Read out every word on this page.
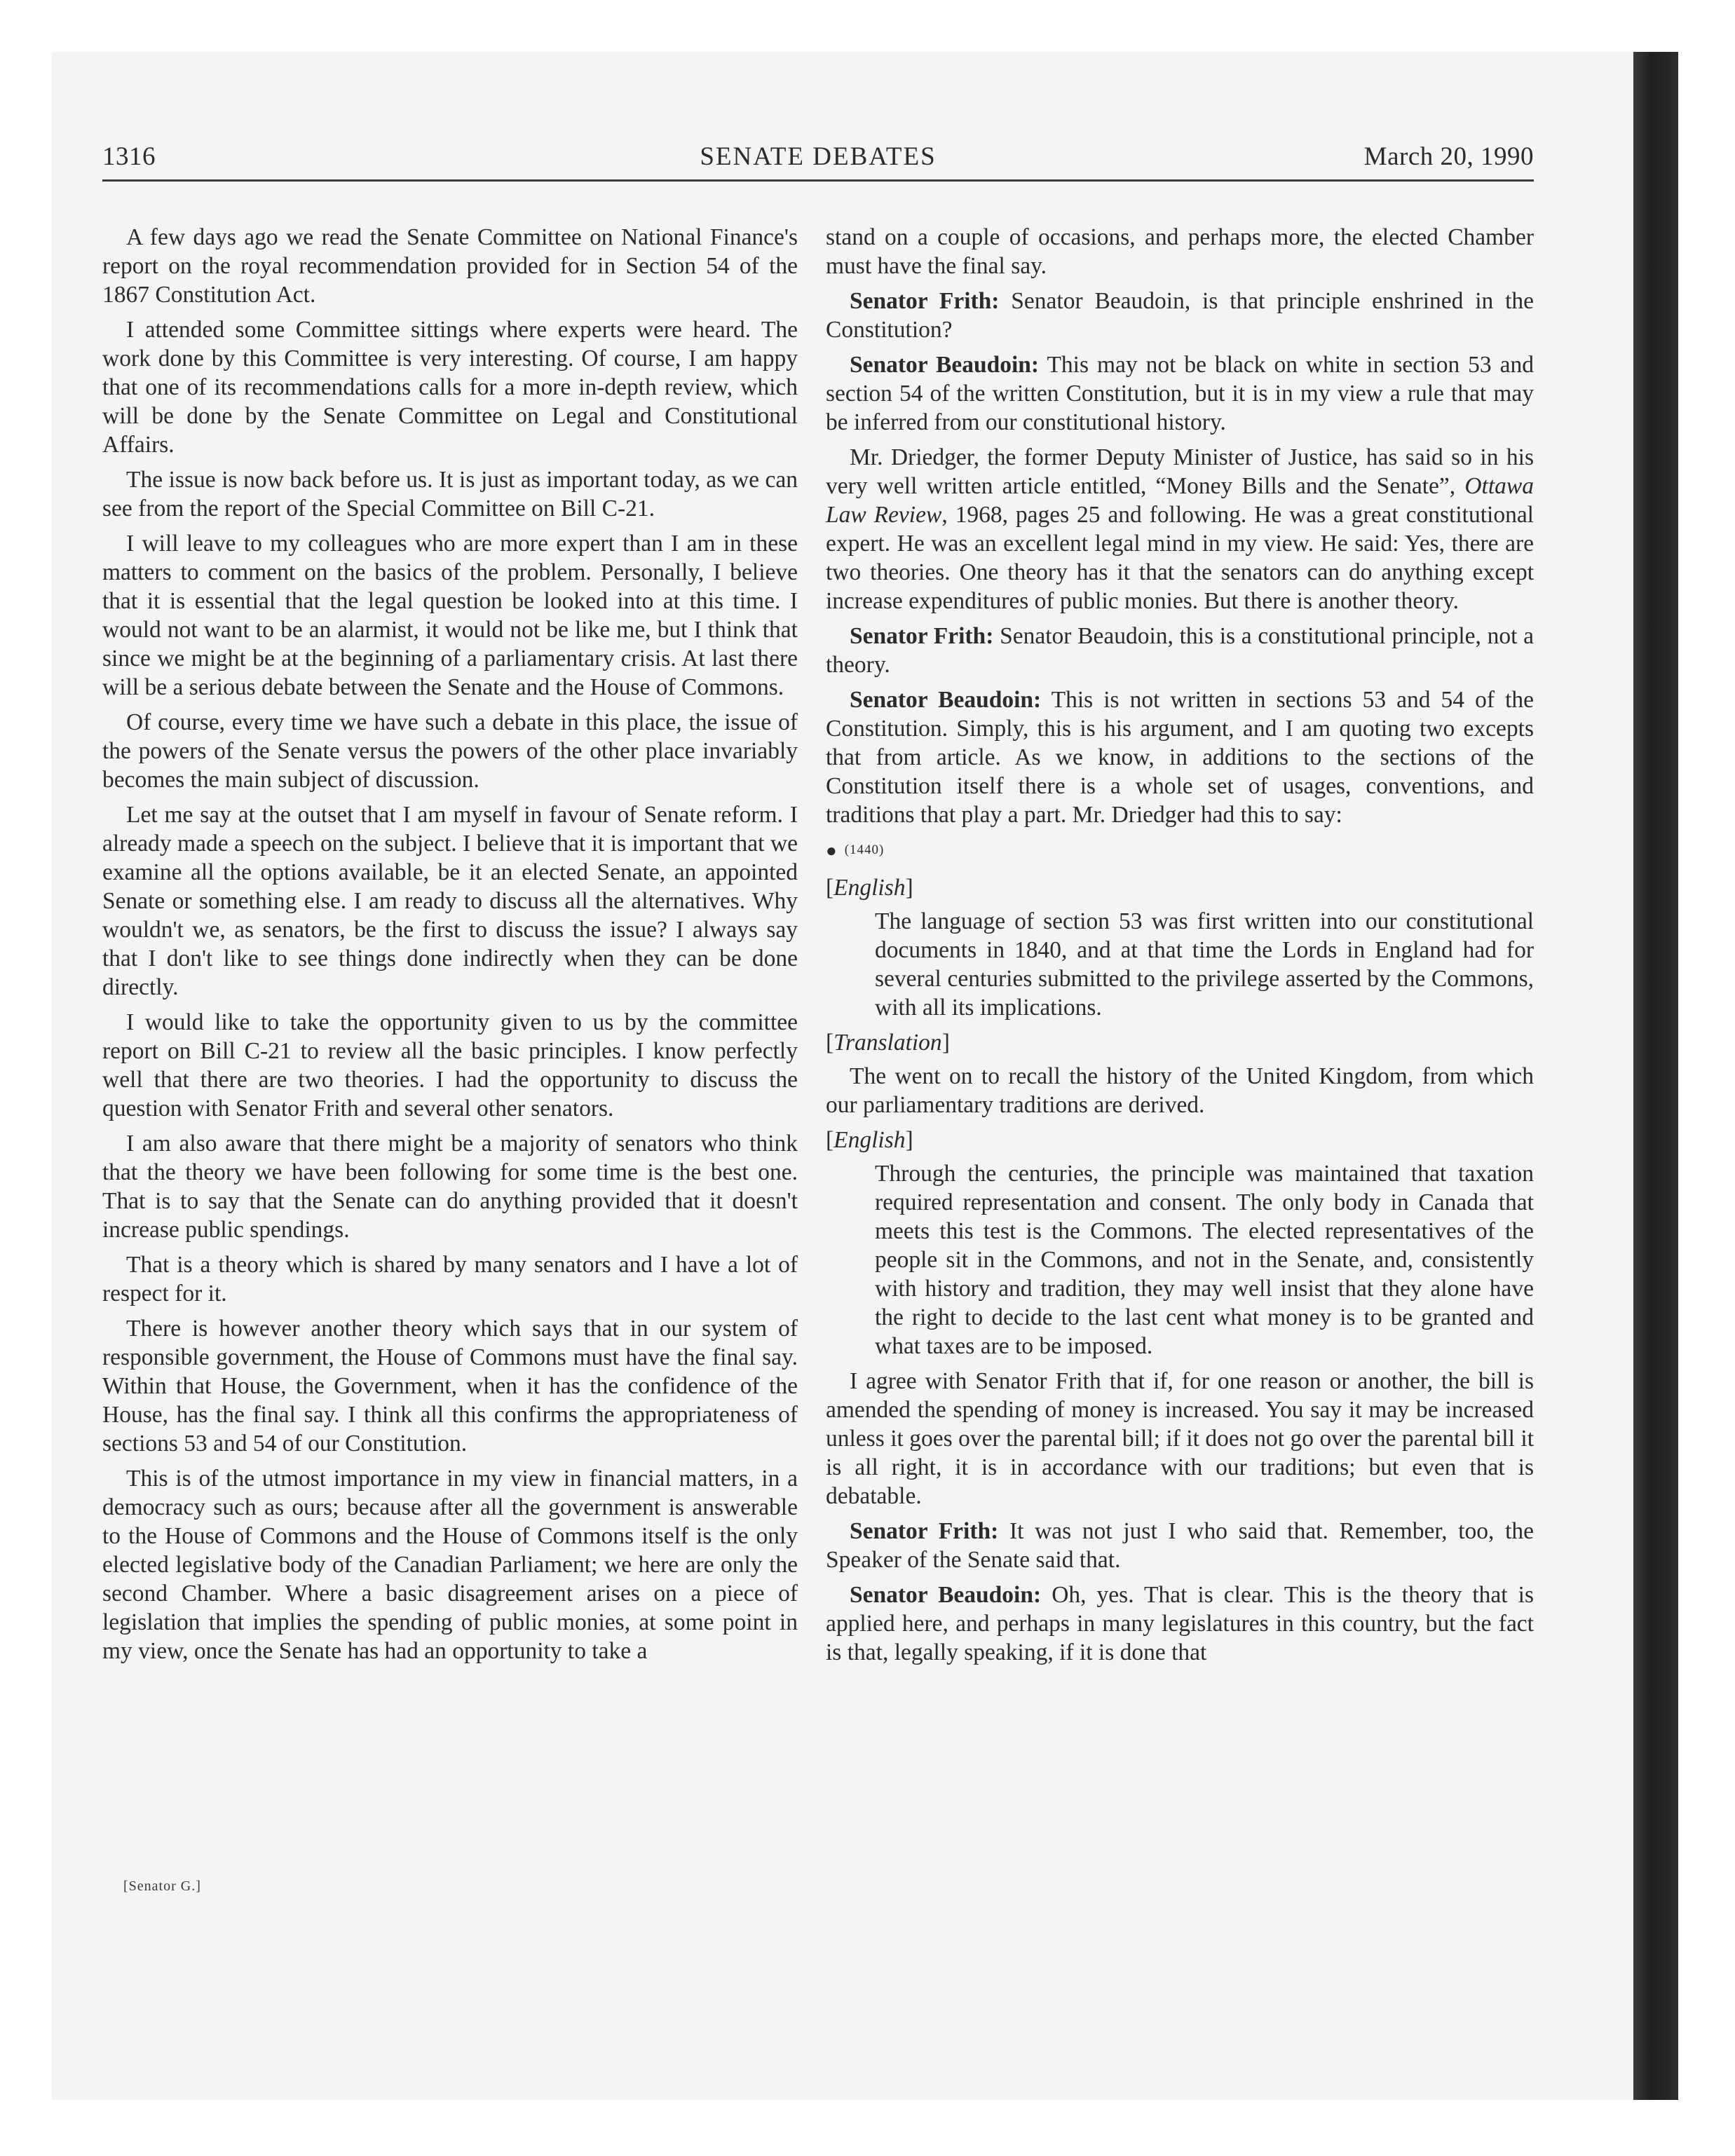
1316	SENATE DEBATES	March 20, 1990

A few days ago we read the Senate Committee on National Finance's report on the royal recommendation provided for in Section 54 of the 1867 Constitution Act.

I attended some Committee sittings where experts were heard. The work done by this Committee is very interesting. Of course, I am happy that one of its recommendations calls for a more in-depth review, which will be done by the Senate Committee on Legal and Constitutional Affairs.

The issue is now back before us. It is just as important today, as we can see from the report of the Special Committee on Bill C-21.

I will leave to my colleagues who are more expert than I am in these matters to comment on the basics of the problem. Personally, I believe that it is essential that the legal question be looked into at this time. I would not want to be an alarmist, it would not be like me, but I think that since we might be at the beginning of a parliamentary crisis. At last there will be a serious debate between the Senate and the House of Commons.

Of course, every time we have such a debate in this place, the issue of the powers of the Senate versus the powers of the other place invariably becomes the main subject of discussion.

Let me say at the outset that I am myself in favour of Senate reform. I already made a speech on the subject. I believe that it is important that we examine all the options available, be it an elected Senate, an appointed Senate or something else. I am ready to discuss all the alternatives. Why wouldn't we, as senators, be the first to discuss the issue? I always say that I don't like to see things done indirectly when they can be done directly.

I would like to take the opportunity given to us by the committee report on Bill C-21 to review all the basic principles. I know perfectly well that there are two theories. I had the opportunity to discuss the question with Senator Frith and several other senators.

I am also aware that there might be a majority of senators who think that the theory we have been following for some time is the best one. That is to say that the Senate can do anything provided that it doesn't increase public spendings.

That is a theory which is shared by many senators and I have a lot of respect for it.

There is however another theory which says that in our system of responsible government, the House of Commons must have the final say. Within that House, the Government, when it has the confidence of the House, has the final say. I think all this confirms the appropriateness of sections 53 and 54 of our Constitution.

This is of the utmost importance in my view in financial matters, in a democracy such as ours; because after all the government is answerable to the House of Commons and the House of Commons itself is the only elected legislative body of the Canadian Parliament; we here are only the second Chamber. Where a basic disagreement arises on a piece of legislation that implies the spending of public monies, at some point in my view, once the Senate has had an opportunity to take a

[Senator G.]

stand on a couple of occasions, and perhaps more, the elected Chamber must have the final say.

Senator Frith: Senator Beaudoin, is that principle enshrined in the Constitution?

Senator Beaudoin: This may not be black on white in section 53 and section 54 of the written Constitution, but it is in my view a rule that may be inferred from our constitutional history.

Mr. Driedger, the former Deputy Minister of Justice, has said so in his very well written article entitled, “Money Bills and the Senate”, Ottawa Law Review, 1968, pages 25 and following. He was a great constitutional expert. He was an excellent legal mind in my view. He said: Yes, there are two theories. One theory has it that the senators can do anything except increase expenditures of public monies. But there is another theory.

Senator Frith: Senator Beaudoin, this is a constitutional principle, not a theory.

Senator Beaudoin: This is not written in sections 53 and 54 of the Constitution. Simply, this is his argument, and I am quoting two excepts that from article. As we know, in additions to the sections of the Constitution itself there is a whole set of usages, conventions, and traditions that play a part. Mr. Driedger had this to say:

● (1440)

[English]

The language of section 53 was first written into our constitutional documents in 1840, and at that time the Lords in England had for several centuries submitted to the privilege asserted by the Commons, with all its implications.

[Translation]

The went on to recall the history of the United Kingdom, from which our parliamentary traditions are derived.

[English]

Through the centuries, the principle was maintained that taxation required representation and consent. The only body in Canada that meets this test is the Commons. The elected representatives of the people sit in the Commons, and not in the Senate, and, consistently with history and tradition, they may well insist that they alone have the right to decide to the last cent what money is to be granted and what taxes are to be imposed.

I agree with Senator Frith that if, for one reason or another, the bill is amended the spending of money is increased. You say it may be increased unless it goes over the parental bill; if it does not go over the parental bill it is all right, it is in accordance with our traditions; but even that is debatable.

Senator Frith: It was not just I who said that. Remember, too, the Speaker of the Senate said that.

Senator Beaudoin: Oh, yes. That is clear. This is the theory that is applied here, and perhaps in many legislatures in this country, but the fact is that, legally speaking, if it is done that
